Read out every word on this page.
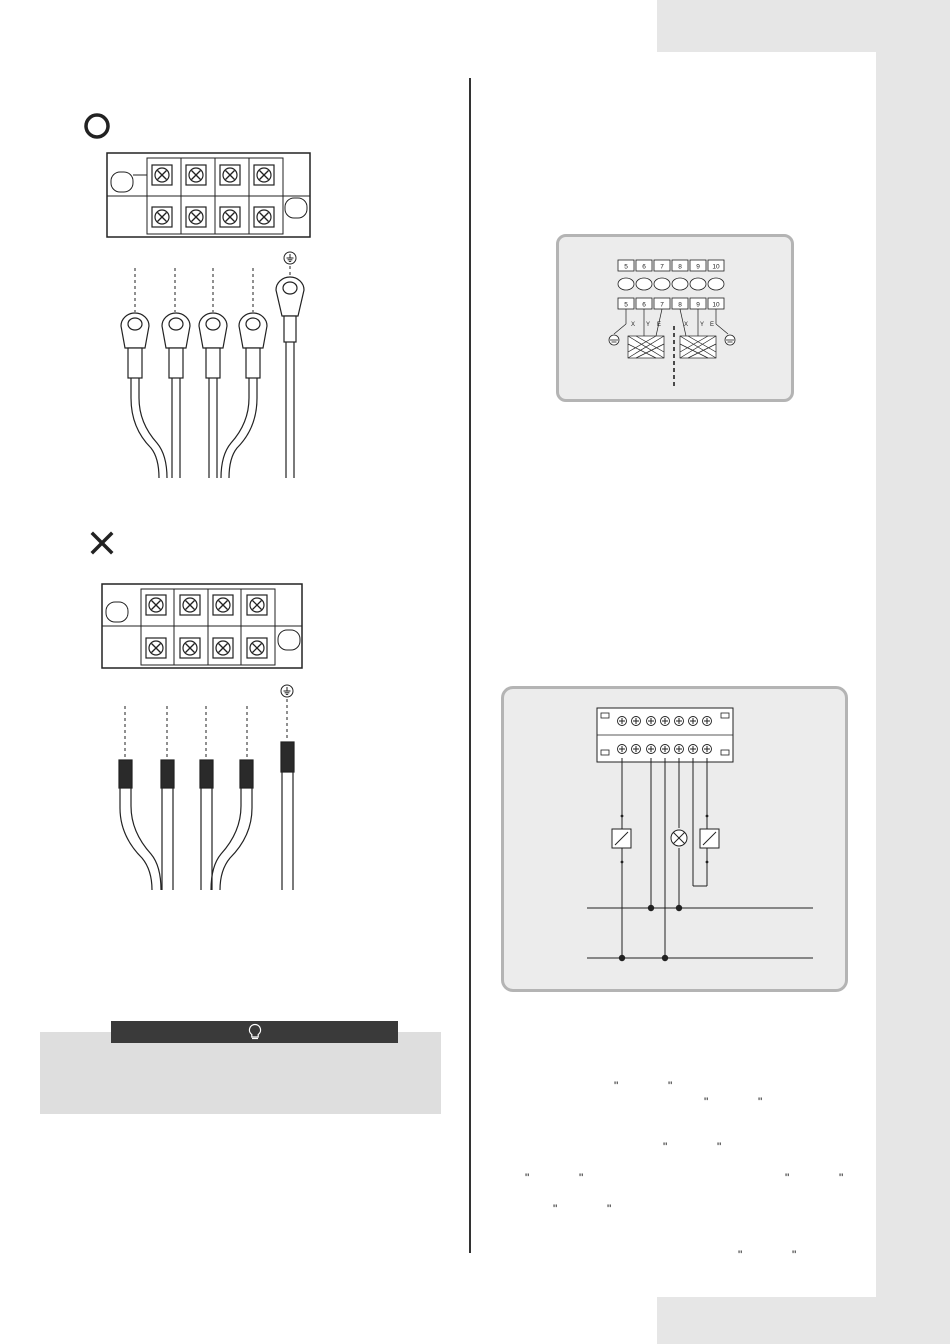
5 6 7 8 9 10
5 6 7 8 9 10
X Y E	X Y E
"	"
"	"
"	"
"	"	"	"
"	"
"	"
